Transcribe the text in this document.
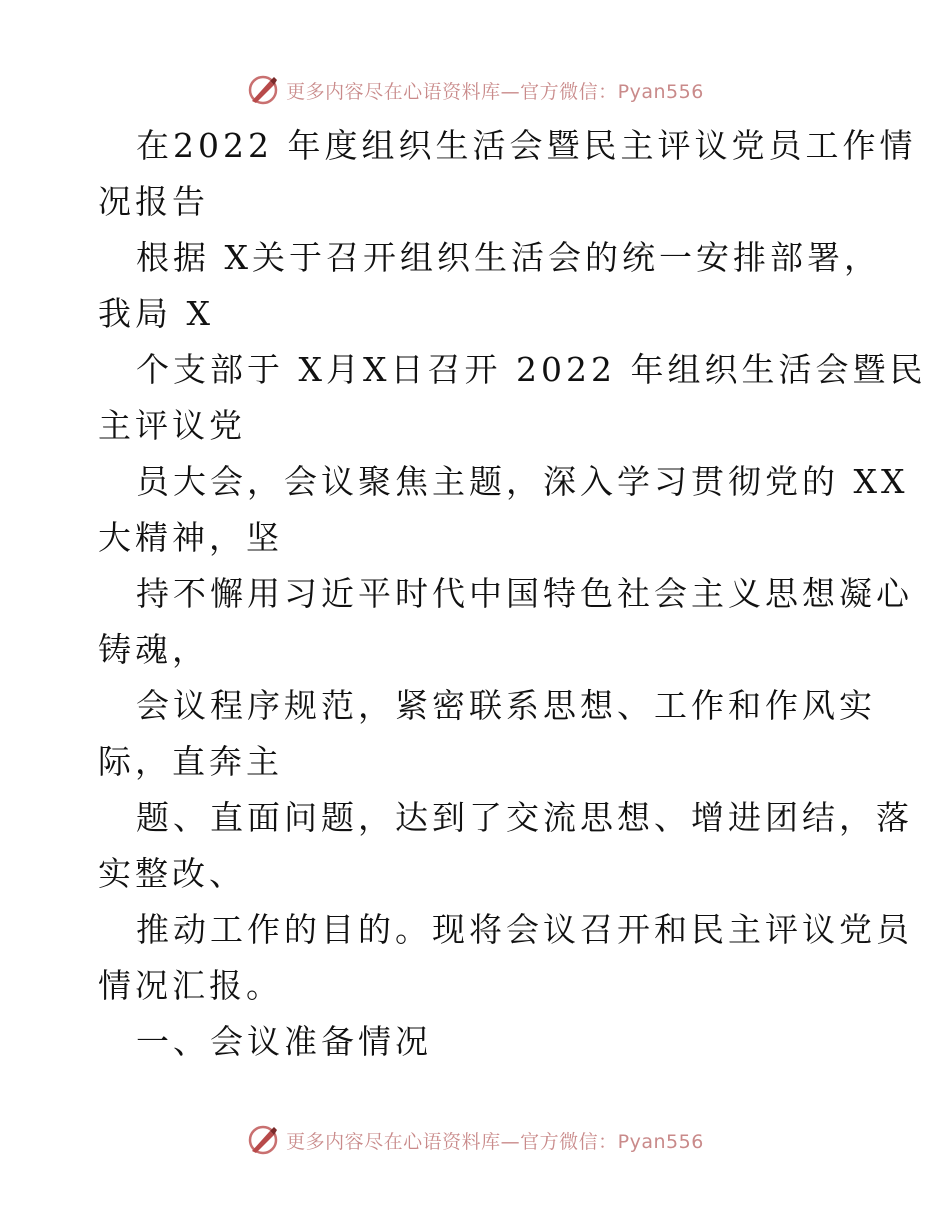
更多内容尽在心语资料库—官方微信：Pyan556
在2022 年度组织生活会暨民主评议党员工作情
况报告
根据 X关于召开组织生活会的统一安排部署，
我局 X
个支部于 X月X日召开 2022 年组织生活会暨民
主评议党
员大会，会议聚焦主题，深入学习贯彻党的 XX
大精神，坚
持不懈用习近平时代中国特色社会主义思想凝心
铸魂，
会议程序规范，紧密联系思想、工作和作风实
际，直奔主
题、直面问题，达到了交流思想、增进团结，落
实整改、
推动工作的目的。现将会议召开和民主评议党员
情况汇报。
一、会议准备情况
更多内容尽在心语资料库—官方微信：Pyan556
